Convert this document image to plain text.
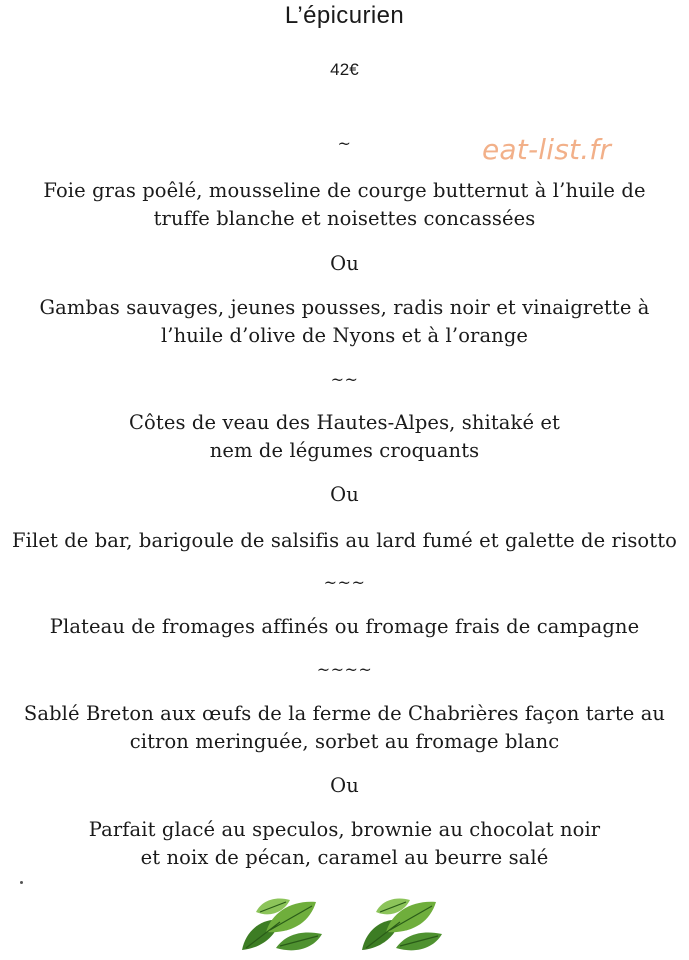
L’épicurien
42€
eat-list.fr
~
Foie gras poêlé, mousseline de courge butternut à l’huile de
truffe blanche et noisettes concassées
Ou
Gambas sauvages, jeunes pousses, radis noir et vinaigrette à
l’huile d’olive de Nyons et à l’orange
~~
Côtes de veau des Hautes-Alpes, shitaké et
nem de légumes croquants
Ou
Filet de bar, barigoule de salsifis au lard fumé et galette de risotto
~~~
Plateau de fromages affinés ou fromage frais de campagne
~~~~
Sablé Breton aux œufs de la ferme de Chabrières façon tarte au
citron meringuée, sorbet au fromage blanc
Ou
Parfait glacé au speculos, brownie au chocolat noir
et noix de pécan, caramel au beurre salé
